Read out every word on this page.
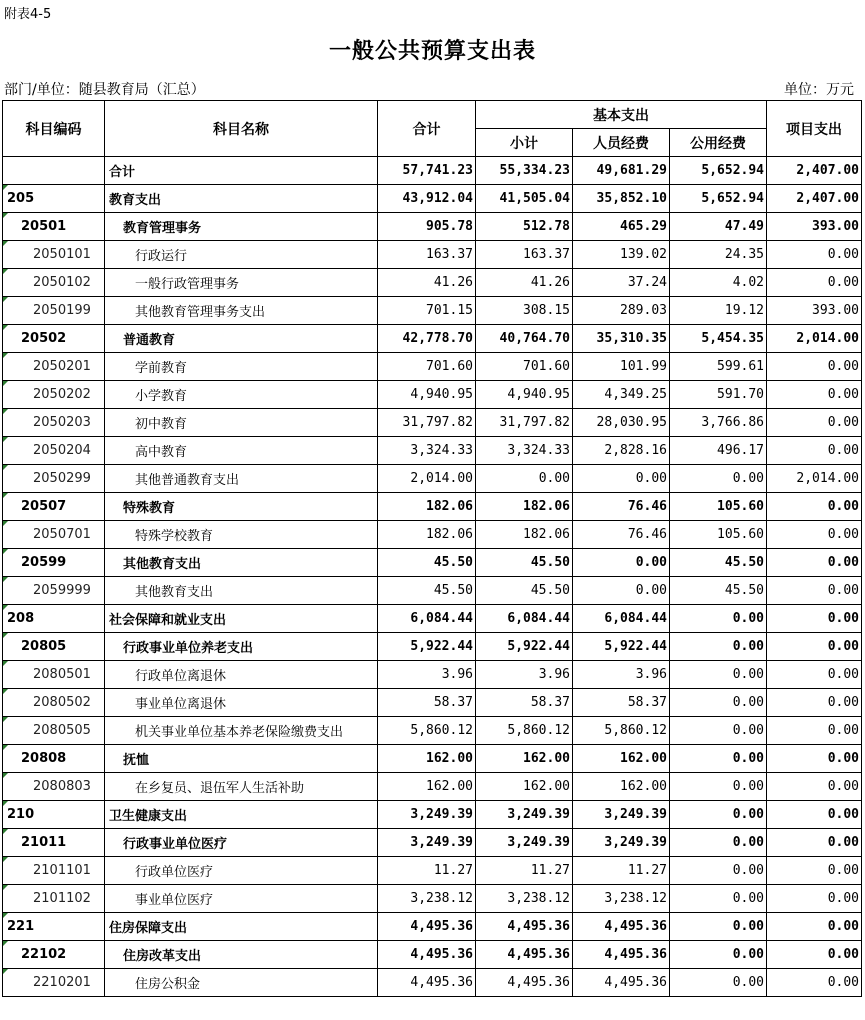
附表4-5
一般公共预算支出表
部门/单位：随县教育局（汇总）	单位：万元
科目编码	科目名称	合计	基本支出			项目支出
			小计	人员经费	公用经费	
	合计	57,741.23	55,334.23	49,681.29	5,652.94	2,407.00

205	教育支出	43,912.04	41,505.04	35,852.10	5,652.94	2,407.00

20501	教育管理事务	905.78	512.78	465.29	47.49	393.00

2050101	行政运行	163.37	163.37	139.02	24.35	0.00

2050102	一般行政管理事务	41.26	41.26	37.24	4.02	0.00

2050199	其他教育管理事务支出	701.15	308.15	289.03	19.12	393.00

20502	普通教育	42,778.70	40,764.70	35,310.35	5,454.35	2,014.00

2050201	学前教育	701.60	701.60	101.99	599.61	0.00

2050202	小学教育	4,940.95	4,940.95	4,349.25	591.70	0.00

2050203	初中教育	31,797.82	31,797.82	28,030.95	3,766.86	0.00

2050204	高中教育	3,324.33	3,324.33	2,828.16	496.17	0.00

2050299	其他普通教育支出	2,014.00	0.00	0.00	0.00	2,014.00

20507	特殊教育	182.06	182.06	76.46	105.60	0.00

2050701	特殊学校教育	182.06	182.06	76.46	105.60	0.00

20599	其他教育支出	45.50	45.50	0.00	45.50	0.00

2059999	其他教育支出	45.50	45.50	0.00	45.50	0.00

208	社会保障和就业支出	6,084.44	6,084.44	6,084.44	0.00	0.00

20805	行政事业单位养老支出	5,922.44	5,922.44	5,922.44	0.00	0.00

2080501	行政单位离退休	3.96	3.96	3.96	0.00	0.00

2080502	事业单位离退休	58.37	58.37	58.37	0.00	0.00

2080505	机关事业单位基本养老保险缴费支出	5,860.12	5,860.12	5,860.12	0.00	0.00

20808	抚恤	162.00	162.00	162.00	0.00	0.00

2080803	在乡复员、退伍军人生活补助	162.00	162.00	162.00	0.00	0.00

210	卫生健康支出	3,249.39	3,249.39	3,249.39	0.00	0.00

21011	行政事业单位医疗	3,249.39	3,249.39	3,249.39	0.00	0.00

2101101	行政单位医疗	11.27	11.27	11.27	0.00	0.00

2101102	事业单位医疗	3,238.12	3,238.12	3,238.12	0.00	0.00

221	住房保障支出	4,495.36	4,495.36	4,495.36	0.00	0.00

22102	住房改革支出	4,495.36	4,495.36	4,495.36	0.00	0.00

2210201	住房公积金	4,495.36	4,495.36	4,495.36	0.00	0.00
